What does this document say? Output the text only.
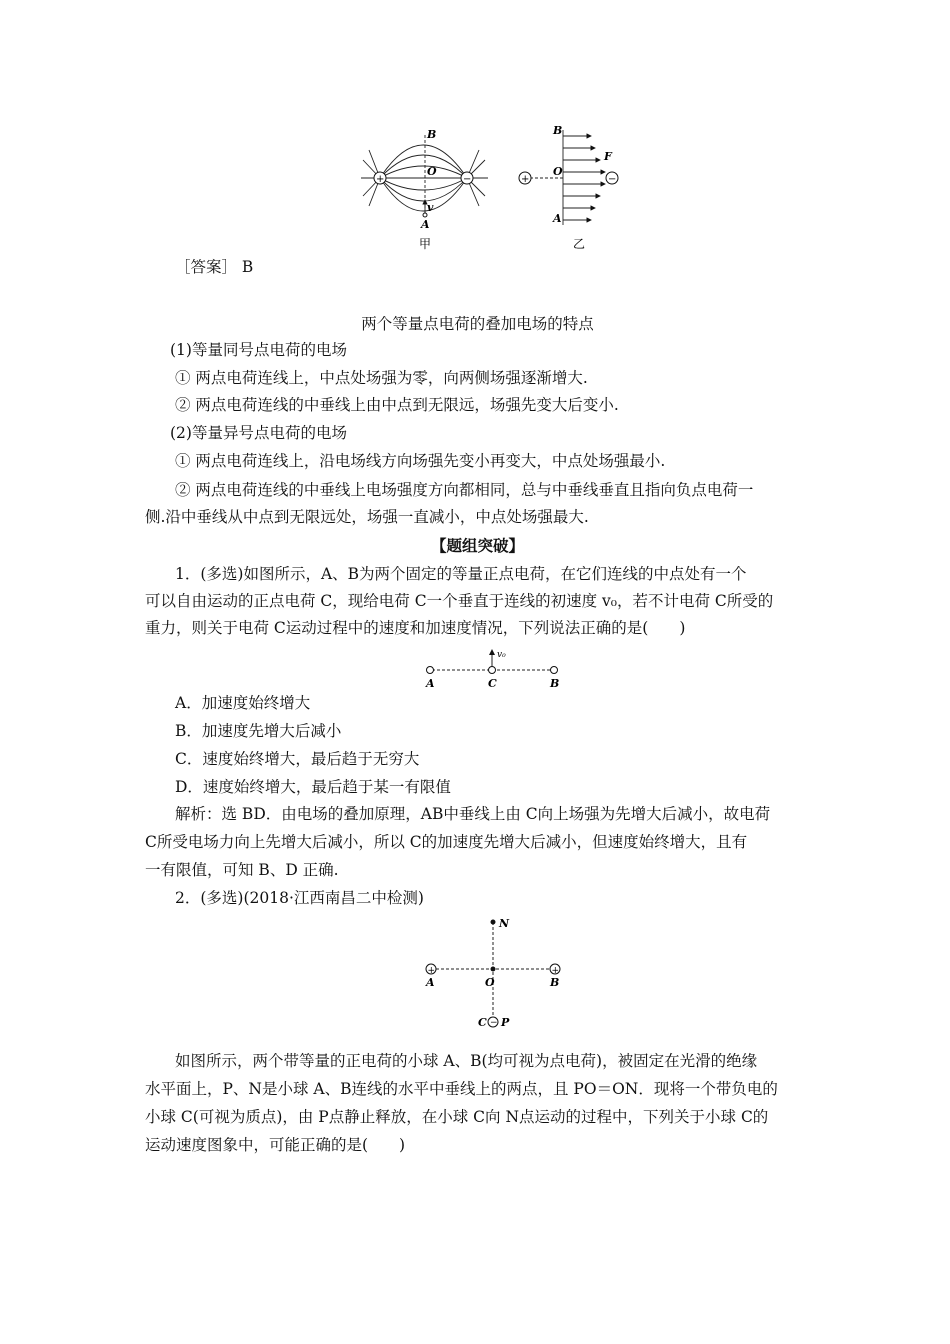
+	−
B
O
v
A
甲
+	−
B
O
F
A
乙
［答案］ B
两个等量点电荷的叠加电场的特点
(1)等量同号点电荷的电场
① 两点电荷连线上，中点处场强为零，向两侧场强逐渐增大.
② 两点电荷连线的中垂线上由中点到无限远，场强先变大后变小.
(2)等量异号点电荷的电场
① 两点电荷连线上，沿电场线方向场强先变小再变大，中点处场强最小.
② 两点电荷连线的中垂线上电场强度方向都相同，总与中垂线垂直且指向负点电荷一
侧.沿中垂线从中点到无限远处，场强一直减小，中点处场强最大.
【题组突破】
1．(多选)如图所示，A、B为两个固定的等量正点电荷，在它们连线的中点处有一个
可以自由运动的正点电荷 C，现给电荷 C一个垂直于连线的初速度 v₀，若不计电荷 C所受的
重力，则关于电荷 C运动过程中的速度和加速度情况，下列说法正确的是(　　)
A	C	B
v₀
A．加速度始终增大
B．加速度先增大后减小
C．速度始终增大，最后趋于无穷大
D．速度始终增大，最后趋于某一有限值
解析：选 BD．由电场的叠加原理，AB中垂线上由 C向上场强为先增大后减小，故电荷
C所受电场力向上先增大后减小，所以 C的加速度先增大后减小，但速度始终增大，且有
一有限值，可知 B、D 正确.
2．(多选)(2018·江西南昌二中检测)
+	+
−
N
A	O	B
C P
如图所示，两个带等量的正电荷的小球 A、B(均可视为点电荷)，被固定在光滑的绝缘
水平面上，P、N是小球 A、B连线的水平中垂线上的两点，且 PO＝ON．现将一个带负电的
小球 C(可视为质点)，由 P点静止释放，在小球 C向 N点运动的过程中，下列关于小球 C的
运动速度图象中，可能正确的是(　　)
